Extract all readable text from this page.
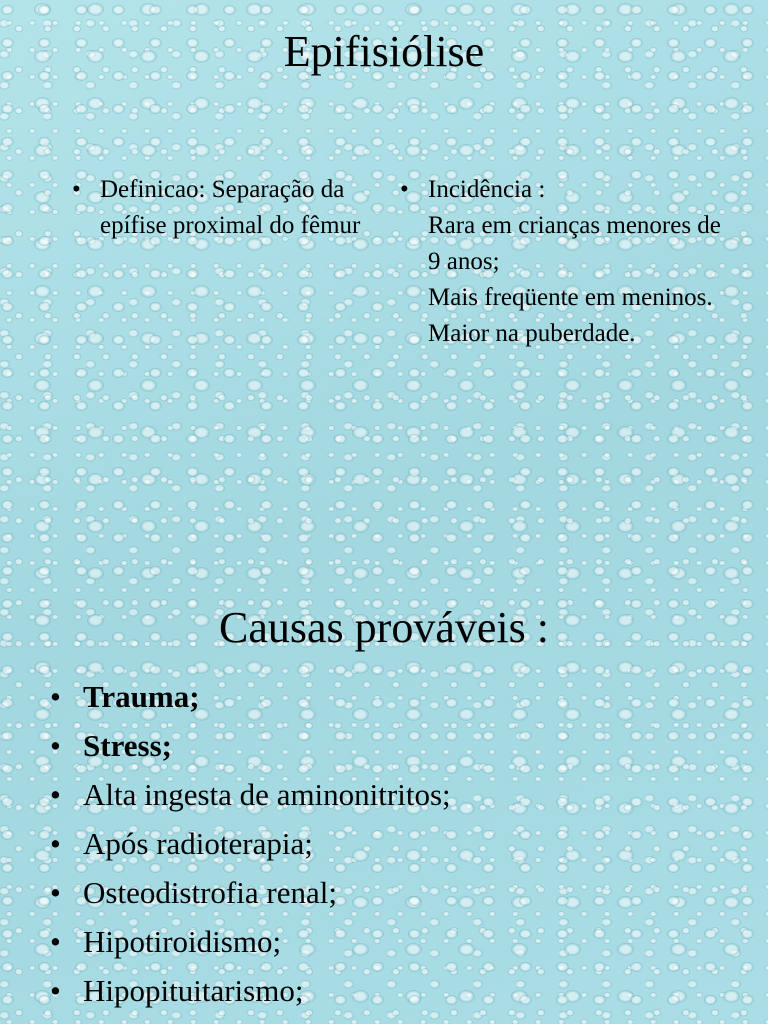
Epifisiólise
• Definicao: Separação da epífise proximal do fêmur
• Incidência :
Rara em crianças menores de 9 anos;
Mais freqüente em meninos.
Maior na puberdade.
Causas prováveis :
• Trauma;
• Stress;
• Alta ingesta de aminonitritos;
• Após radioterapia;
• Osteodistrofia renal;
• Hipotiroidismo;
• Hipopituitarismo;
